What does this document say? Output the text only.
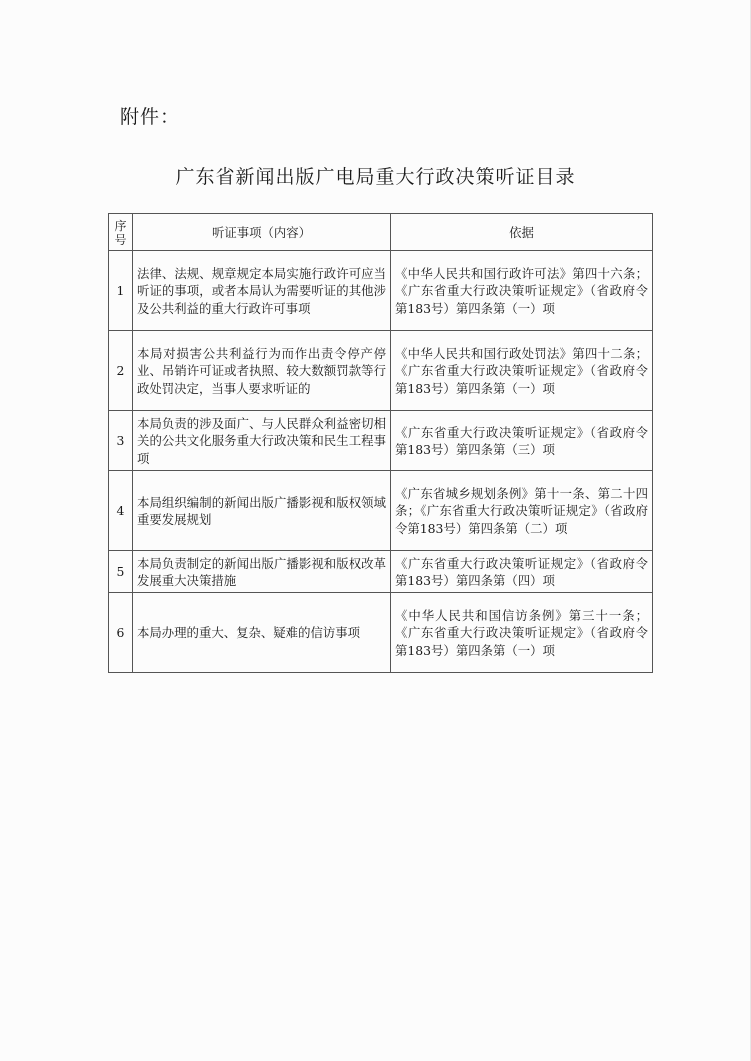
附件：
广东省新闻出版广电局重大行政决策听证目录
序
号	听证事项（内容）	依据
1	法律、法规、规章规定本局实施行政许可应当听证的事项，或者本局认为需要听证的其他涉及公共利益的重大行政许可事项	《中华人民共和国行政许可法》第四十六条；《广东省重大行政决策听证规定》（省政府令第183号）第四条第（一）项
2	本局对损害公共利益行为而作出责令停产停业、吊销许可证或者执照、较大数额罚款等行政处罚决定，当事人要求听证的	《中华人民共和国行政处罚法》第四十二条；《广东省重大行政决策听证规定》（省政府令第183号）第四条第（一）项
3	本局负责的涉及面广、与人民群众利益密切相关的公共文化服务重大行政决策和民生工程事项	《广东省重大行政决策听证规定》（省政府令第183号）第四条第（三）项
4	本局组织编制的新闻出版广播影视和版权领域重要发展规划	《广东省城乡规划条例》第十一条、第二十四条；《广东省重大行政决策听证规定》（省政府令第183号）第四条第（二）项
5	本局负责制定的新闻出版广播影视和版权改革发展重大决策措施	《广东省重大行政决策听证规定》（省政府令第183号）第四条第（四）项
6	本局办理的重大、复杂、疑难的信访事项	《中华人民共和国信访条例》第三十一条；《广东省重大行政决策听证规定》（省政府令第183号）第四条第（一）项
